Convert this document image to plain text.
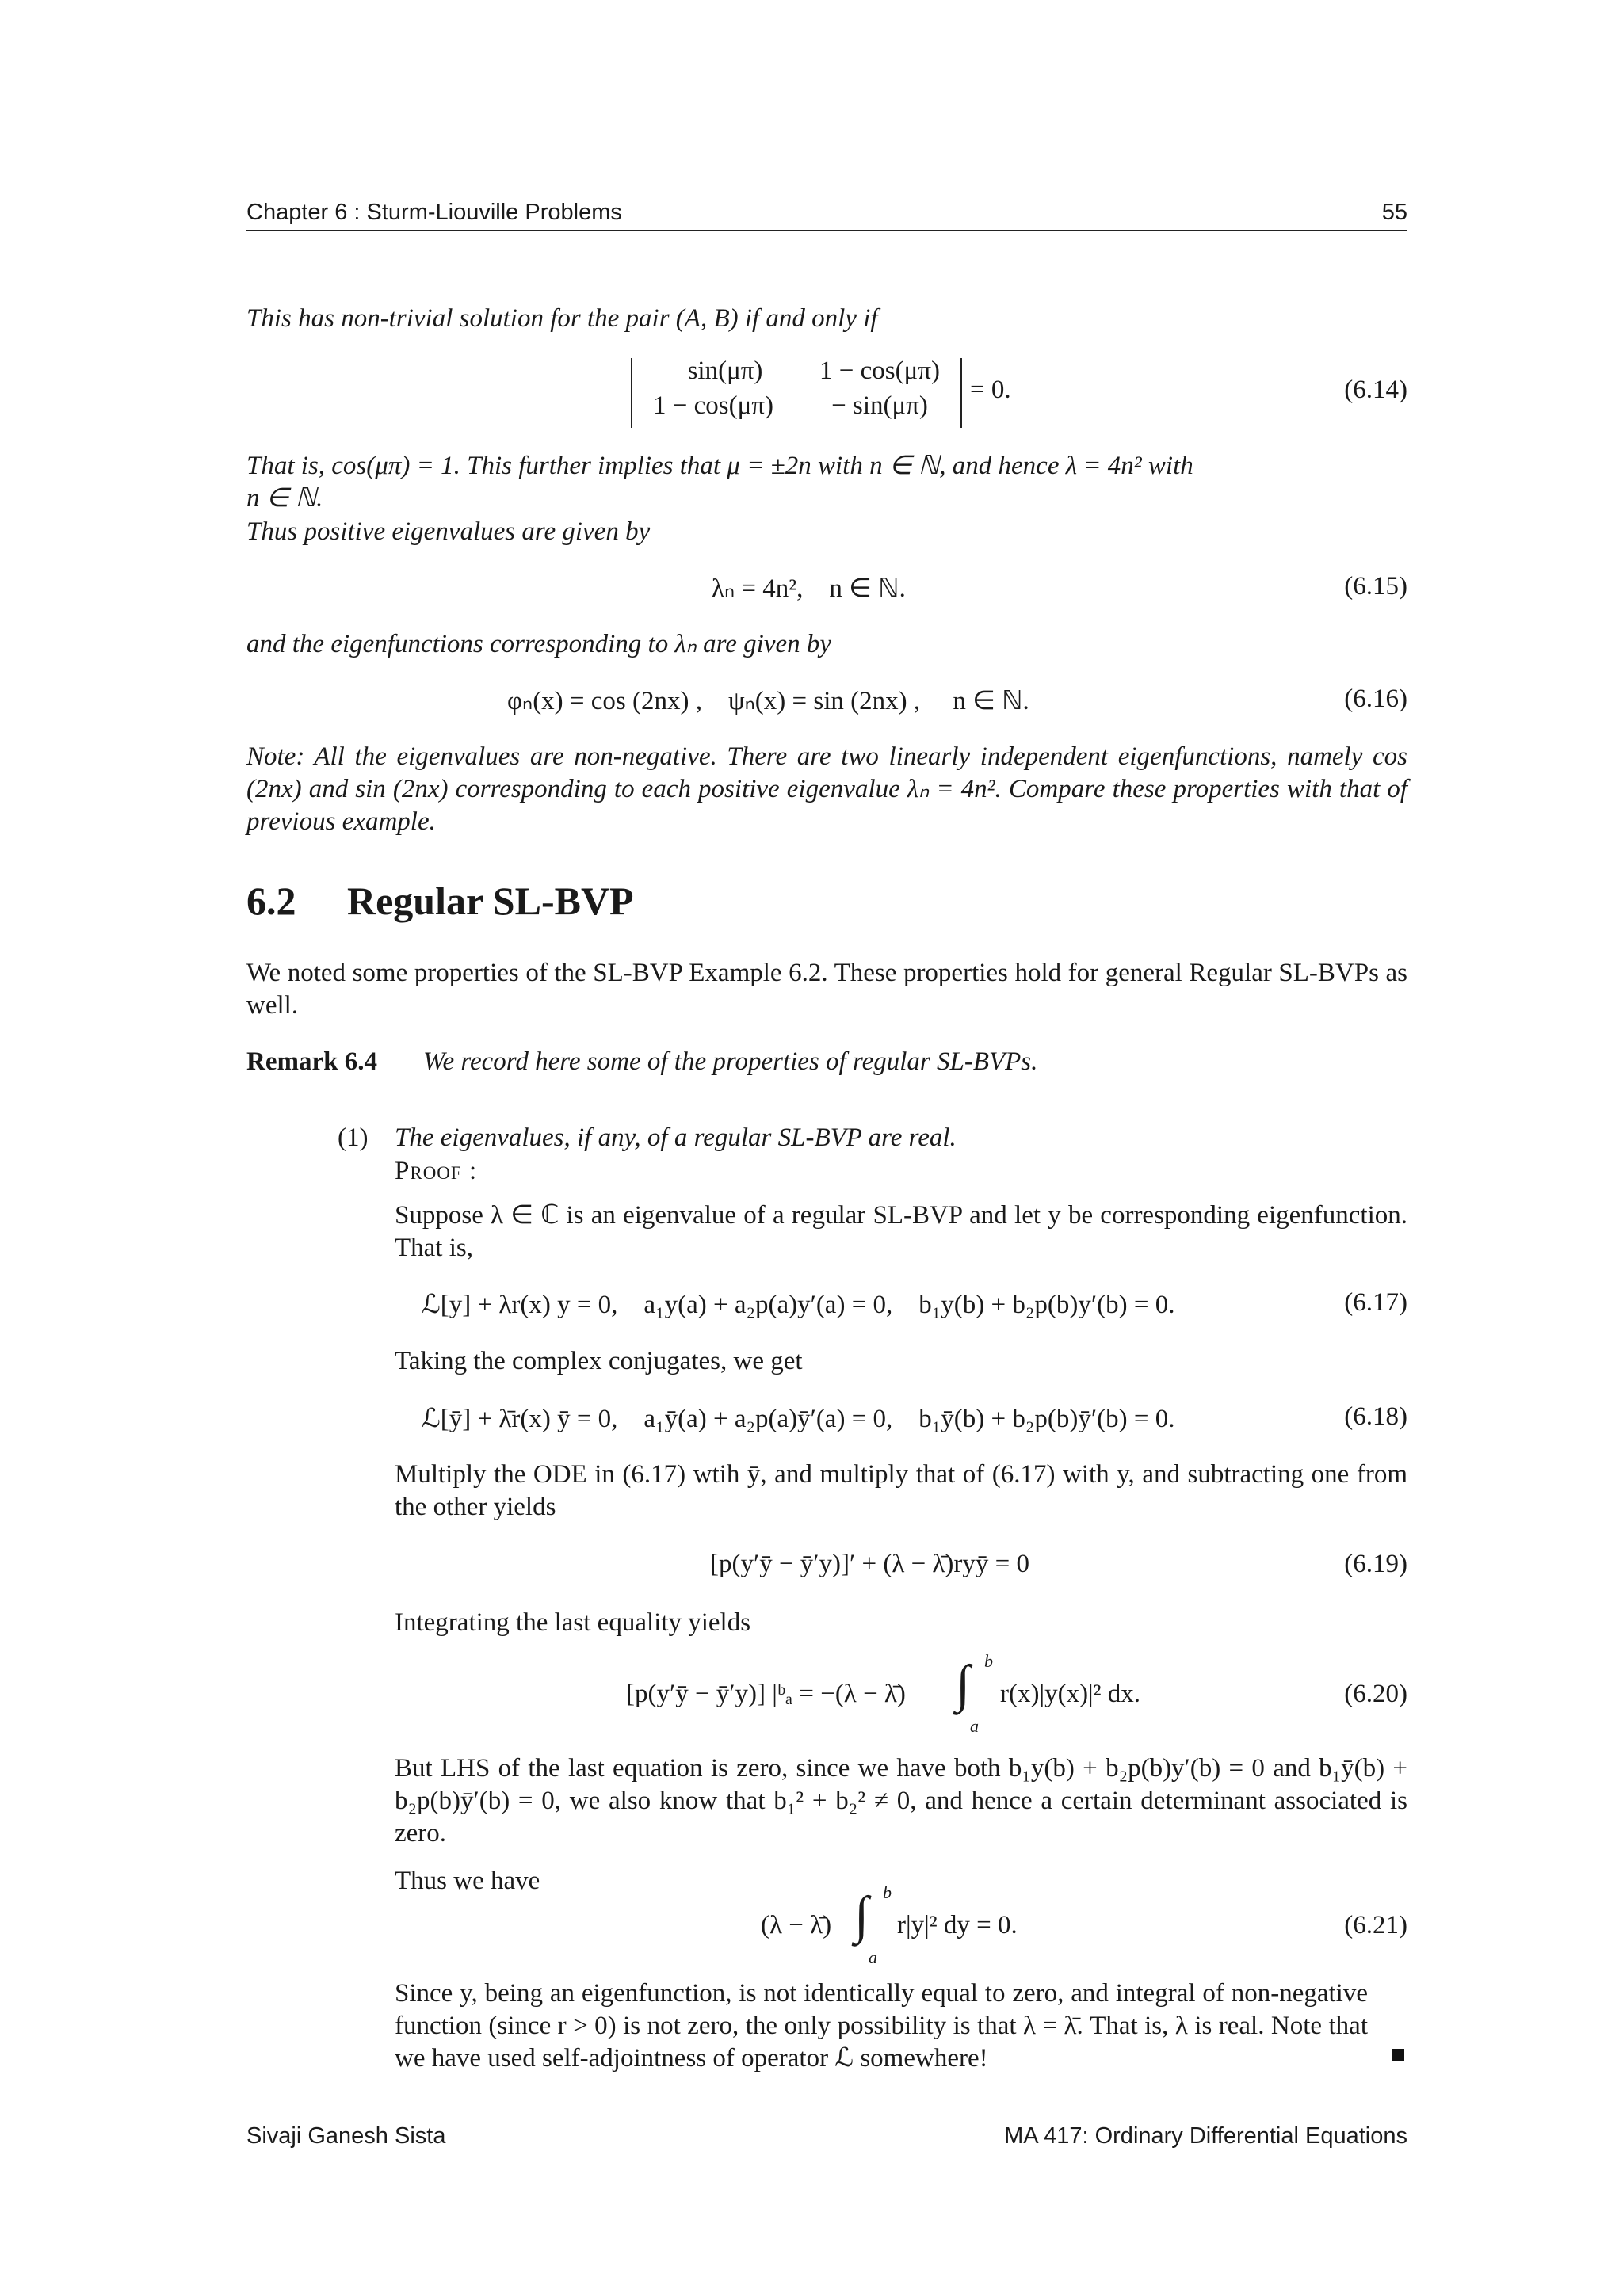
Chapter 6 : Sturm-Liouville Problems	55
This has non-trivial solution for the pair (A, B) if and only if
sin(μπ)	1 − cos(μπ)
1 − cos(μπ)	− sin(μπ)
= 0.	(6.14)
That is, cos(μπ) = 1. This further implies that μ = ±2n with n ∈ ℕ, and hence λ = 4n² with
n ∈ ℕ.
Thus positive eigenvalues are given by
λₙ = 4n²,    n ∈ ℕ.	(6.15)
and the eigenfunctions corresponding to λₙ are given by
φₙ(x) = cos (2nx) ,    ψₙ(x) = sin (2nx) ,     n ∈ ℕ.	(6.16)
Note: All the eigenvalues are non-negative. There are two linearly independent eigenfunctions, namely cos (2nx) and sin (2nx) corresponding to each positive eigenvalue λₙ = 4n². Compare these properties with that of previous example.
6.2 Regular SL-BVP
We noted some properties of the SL-BVP Example 6.2. These properties hold for general Regular SL-BVPs as well.
Remark 6.4 We record here some of the properties of regular SL-BVPs.
(1) The eigenvalues, if any, of a regular SL-BVP are real.
Proof :
Suppose λ ∈ ℂ is an eigenvalue of a regular SL-BVP and let y be corresponding eigenfunction. That is,
ℒ[y] + λr(x) y = 0,    a₁y(a) + a₂p(a)y′(a) = 0,    b₁y(b) + b₂p(b)y′(b) = 0.	(6.17)
Taking the complex conjugates, we get
ℒ[ȳ] + λ̄r(x) ȳ = 0,    a₁ȳ(a) + a₂p(a)ȳ′(a) = 0,    b₁ȳ(b) + b₂p(b)ȳ′(b) = 0.	(6.18)
Multiply the ODE in (6.17) wtih ȳ, and multiply that of (6.17) with y, and subtracting one from the other yields
[p(y′ȳ − ȳ′y)]′ + (λ − λ̄)ryȳ = 0	(6.19)
Integrating the last equality yields
[p(y′ȳ − ȳ′y)] |ᵇₐ = −(λ − λ̄) ∫ b
a
r(x)|y(x)|² dx.	(6.20)
But LHS of the last equation is zero, since we have both b₁y(b) + b₂p(b)y′(b) = 0 and b₁ȳ(b) + b₂p(b)ȳ′(b) = 0, we also know that b₁² + b₂² ≠ 0, and hence a certain determinant associated is zero.
Thus we have
(λ − λ̄) ∫ b
a
r|y|² dy = 0.	(6.21)
Since y, being an eigenfunction, is not identically equal to zero, and integral of non-negative function (since r > 0) is not zero, the only possibility is that λ = λ̄. That is, λ is real. Note that we have used self-adjointness of operator ℒ somewhere!
Sivaji Ganesh Sista	MA 417: Ordinary Differential Equations
